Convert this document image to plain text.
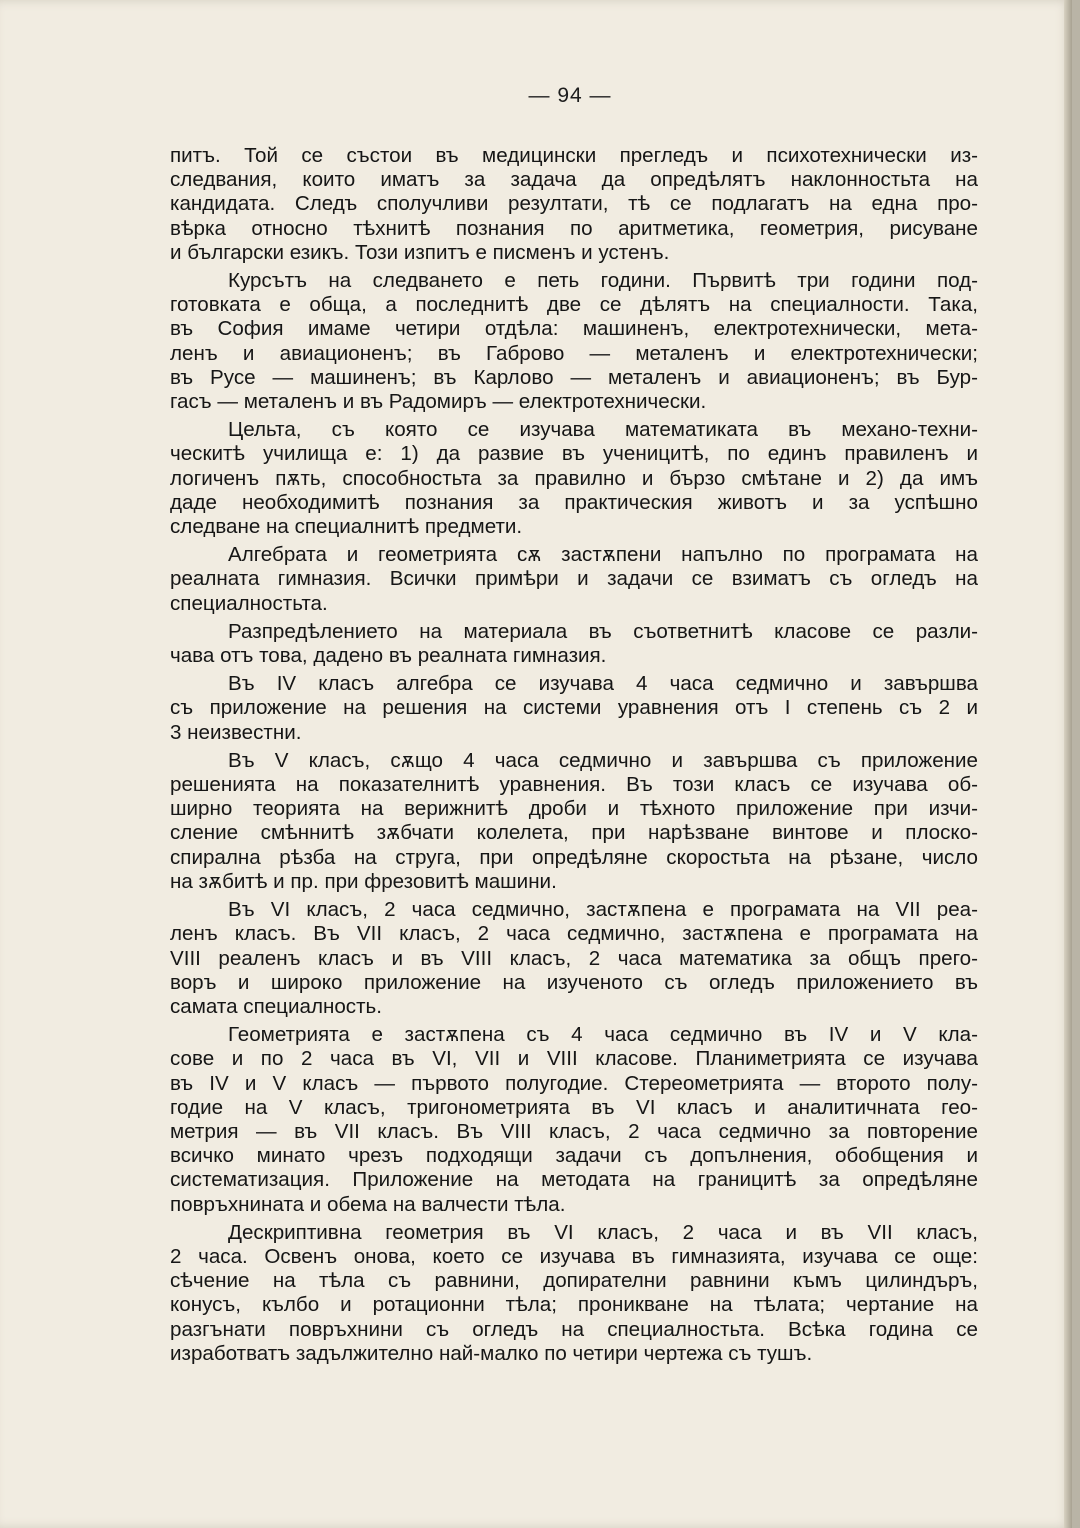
— 94 —
питъ. Той се състои въ медицински прегледъ и психотехнически из-
следвания, които иматъ за задача да опредѣлятъ наклонностьта на
кандидата. Следъ сполучливи резултати, тѣ се подлагатъ на една про-
вѣрка относно тѣхнитѣ познания по аритметика, геометрия, рисуване
и български езикъ. Този изпитъ е писменъ и устенъ.
Курсътъ на следването е петь години. Първитѣ три години под-
готовката е обща, а последнитѣ две се дѣлятъ на специалности. Така,
въ София имаме четири отдѣла: машиненъ, електротехнически, мета-
ленъ и авиационенъ; въ Габрово — металенъ и електротехнически;
въ Русе — машиненъ; въ Карлово — металенъ и авиационенъ; въ Бур-
гасъ — металенъ и въ Радомиръ — електротехнически.
Цельта, съ която се изучава математиката въ механо-техни-
ческитѣ училища е: 1) да развие въ ученицитѣ, по единъ правиленъ и
логиченъ пѫть, способностьта за правилно и бързо смѣтане и 2) да имъ
даде необходимитѣ познания за практическия животъ и за успѣшно
следване на специалнитѣ предмети.
Алгебрата и геометрията сѫ застѫпени напълно по програмата на
реалната гимназия. Всички примѣри и задачи се взиматъ съ огледъ на
специалностьта.
Разпредѣлението на материала въ съответнитѣ класове се разли-
чава отъ това, дадено въ реалната гимназия.
Въ IV класъ алгебра се изучава 4 часа седмично и завършва
съ приложение на решения на системи уравнения отъ I степень съ 2 и
3 неизвестни.
Въ V класъ, сѫщо 4 часа седмично и завършва съ приложение
решенията на показателнитѣ уравнения. Въ този класъ се изучава об-
ширно теорията на верижнитѣ дроби и тѣхното приложение при изчи-
сление смѣннитѣ зѫбчати колелета, при нарѣзване винтове и плоско-
спирална рѣзба на струга, при опредѣляне скоростьта на рѣзане, число
на зѫбитѣ и пр. при фрезовитѣ машини.
Въ VI класъ, 2 часа седмично, застѫпена е програмата на VII реа-
ленъ класъ. Въ VII класъ, 2 часа седмично, застѫпена е програмата на
VIII реаленъ класъ и въ VIII класъ, 2 часа математика за общъ прего-
воръ и широко приложение на изученото съ огледъ приложението въ
самата специалность.
Геометрията е застѫпена съ 4 часа седмично въ IV и V кла-
сове и по 2 часа въ VI, VII и VIII класове. Планиметрията се изучава
въ IV и V класъ — първото полугодие. Стереометрията — второто полу-
годие на V класъ, тригонометрията въ VI класъ и аналитичната гео-
метрия — въ VII класъ. Въ VIII класъ, 2 часа седмично за повторение
всичко минато чрезъ подходящи задачи съ допълнения, обобщения и
систематизация. Приложение на методата на границитѣ за опредѣляне
повръхнината и обема на валчести тѣла.
Дескриптивна геометрия въ VI класъ, 2 часа и въ VII класъ,
2 часа. Освенъ онова, което се изучава въ гимназията, изучава се още:
сѣчение на тѣла съ равнини, допирателни равнини къмъ цилиндъръ,
конусъ, кълбо и ротационни тѣла; проникване на тѣлата; чертание на
разгънати повръхнини съ огледъ на специалностьта. Всѣка година се
изработватъ задължително най-малко по четири чертежа съ тушъ.
